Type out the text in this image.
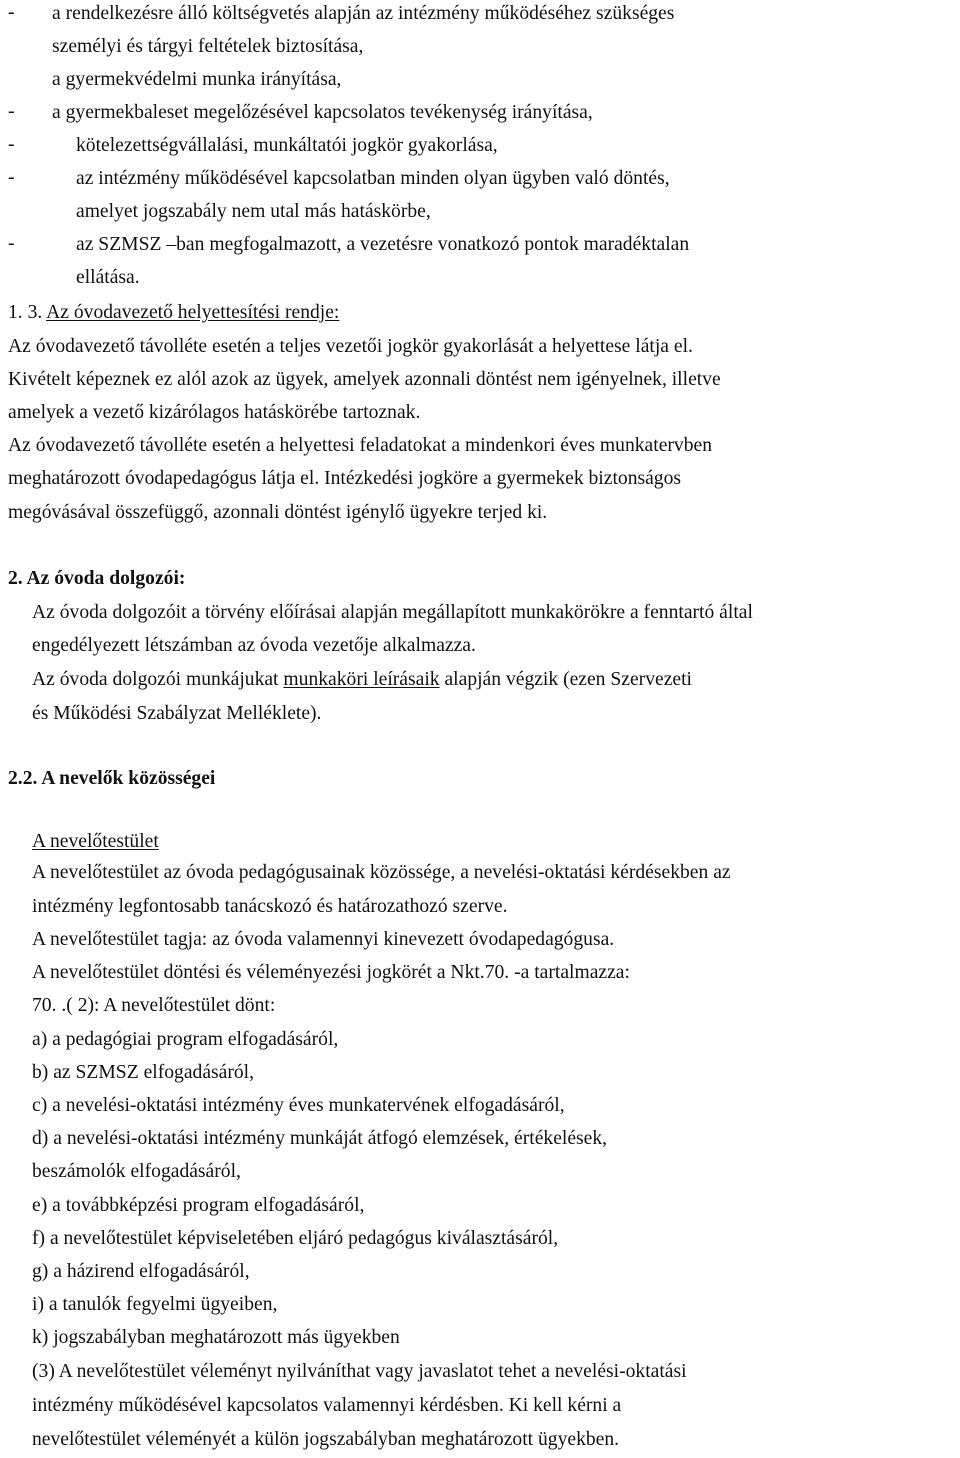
- a rendelkezésre álló költségvetés alapján az intézmény működéséhez szükséges
személyi és tárgyi feltételek biztosítása,
a gyermekvédelmi munka irányítása,
- a gyermekbaleset megelőzésével kapcsolatos tevékenység irányítása,
-	kötelezettségvállalási, munkáltatói jogkör gyakorlása,
-	az intézmény működésével kapcsolatban minden olyan ügyben való döntés,
amelyet jogszabály nem utal más hatáskörbe,
-	az SZMSZ –ban megfogalmazott, a vezetésre vonatkozó pontok maradéktalan
ellátása.
1. 3. Az óvodavezető helyettesítési rendje:
Az óvodavezető távolléte esetén a teljes vezetői jogkör gyakorlását a helyettese látja el.
Kivételt képeznek ez alól azok az ügyek, amelyek azonnali döntést nem igényelnek, illetve
amelyek a vezető kizárólagos hatáskörébe tartoznak.
Az óvodavezető távolléte esetén a helyettesi feladatokat a mindenkori éves munkatervben
meghatározott óvodapedagógus látja el. Intézkedési jogköre a gyermekek biztonságos
megóvásával összefüggő, azonnali döntést igénylő ügyekre terjed ki.
2. Az óvoda dolgozói:
Az óvoda dolgozóit a törvény előírásai alapján megállapított munkakörökre a fenntartó által
engedélyezett létszámban az óvoda vezetője alkalmazza.
Az óvoda dolgozói munkájukat munkaköri leírásaik alapján végzik (ezen Szervezeti
és Működési Szabályzat Melléklete).
2.2. A nevelők közösségei
A nevelőtestület
A nevelőtestület az óvoda pedagógusainak közössége, a nevelési-oktatási kérdésekben az
intézmény legfontosabb tanácskozó és határozathozó szerve.
A nevelőtestület tagja: az óvoda valamennyi kinevezett óvodapedagógusa.
A nevelőtestület döntési és véleményezési jogkörét a Nkt.70. -a tartalmazza:
70. .( 2): A nevelőtestület dönt:
a) a pedagógiai program elfogadásáról,
b) az SZMSZ elfogadásáról,
c) a nevelési-oktatási intézmény éves munkatervének elfogadásáról,
d) a nevelési-oktatási intézmény munkáját átfogó elemzések, értékelések,
beszámolók elfogadásáról,
e) a továbbképzési program elfogadásáról,
f) a nevelőtestület képviseletében eljáró pedagógus kiválasztásáról,
g) a házirend elfogadásáról,
i) a tanulók fegyelmi ügyeiben,
k) jogszabályban meghatározott más ügyekben
(3) A nevelőtestület véleményt nyilváníthat vagy javaslatot tehet a nevelési-oktatási
intézmény működésével kapcsolatos valamennyi kérdésben. Ki kell kérni a
nevelőtestület véleményét a külön jogszabályban meghatározott ügyekben.
